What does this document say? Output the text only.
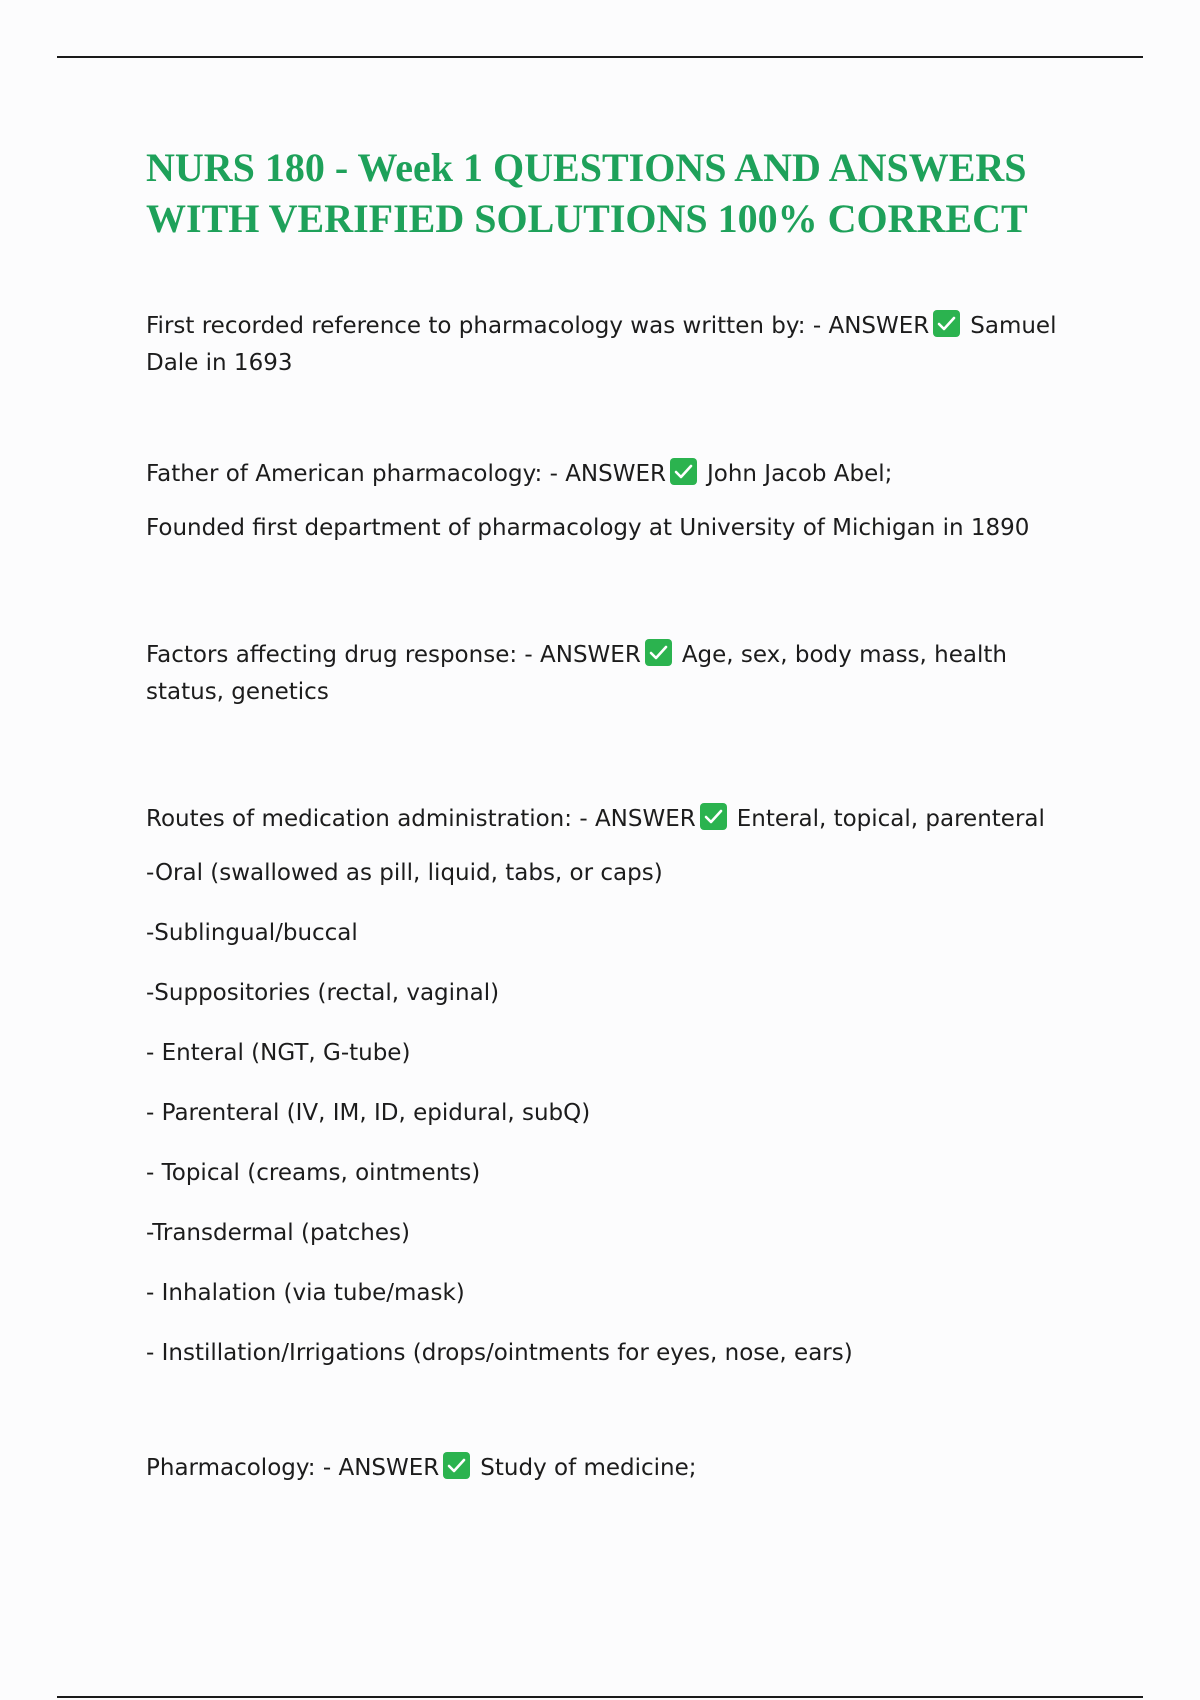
NURS 180 - Week 1 QUESTIONS AND ANSWERS WITH VERIFIED SOLUTIONS 100% CORRECT

First recorded reference to pharmacology was written by: - ANSWER Samuel Dale in 1693

Father of American pharmacology: - ANSWER John Jacob Abel;

Founded first department of pharmacology at University of Michigan in 1890

Factors affecting drug response: - ANSWER Age, sex, body mass, health status, genetics

Routes of medication administration: - ANSWER Enteral, topical, parenteral

-Oral (swallowed as pill, liquid, tabs, or caps)

-Sublingual/buccal

-Suppositories (rectal, vaginal)

- Enteral (NGT, G-tube)

- Parenteral (IV, IM, ID, epidural, subQ)

- Topical (creams, ointments)

-Transdermal (patches)

- Inhalation (via tube/mask)

- Instillation/Irrigations (drops/ointments for eyes, nose, ears)

Pharmacology: - ANSWER Study of medicine;
